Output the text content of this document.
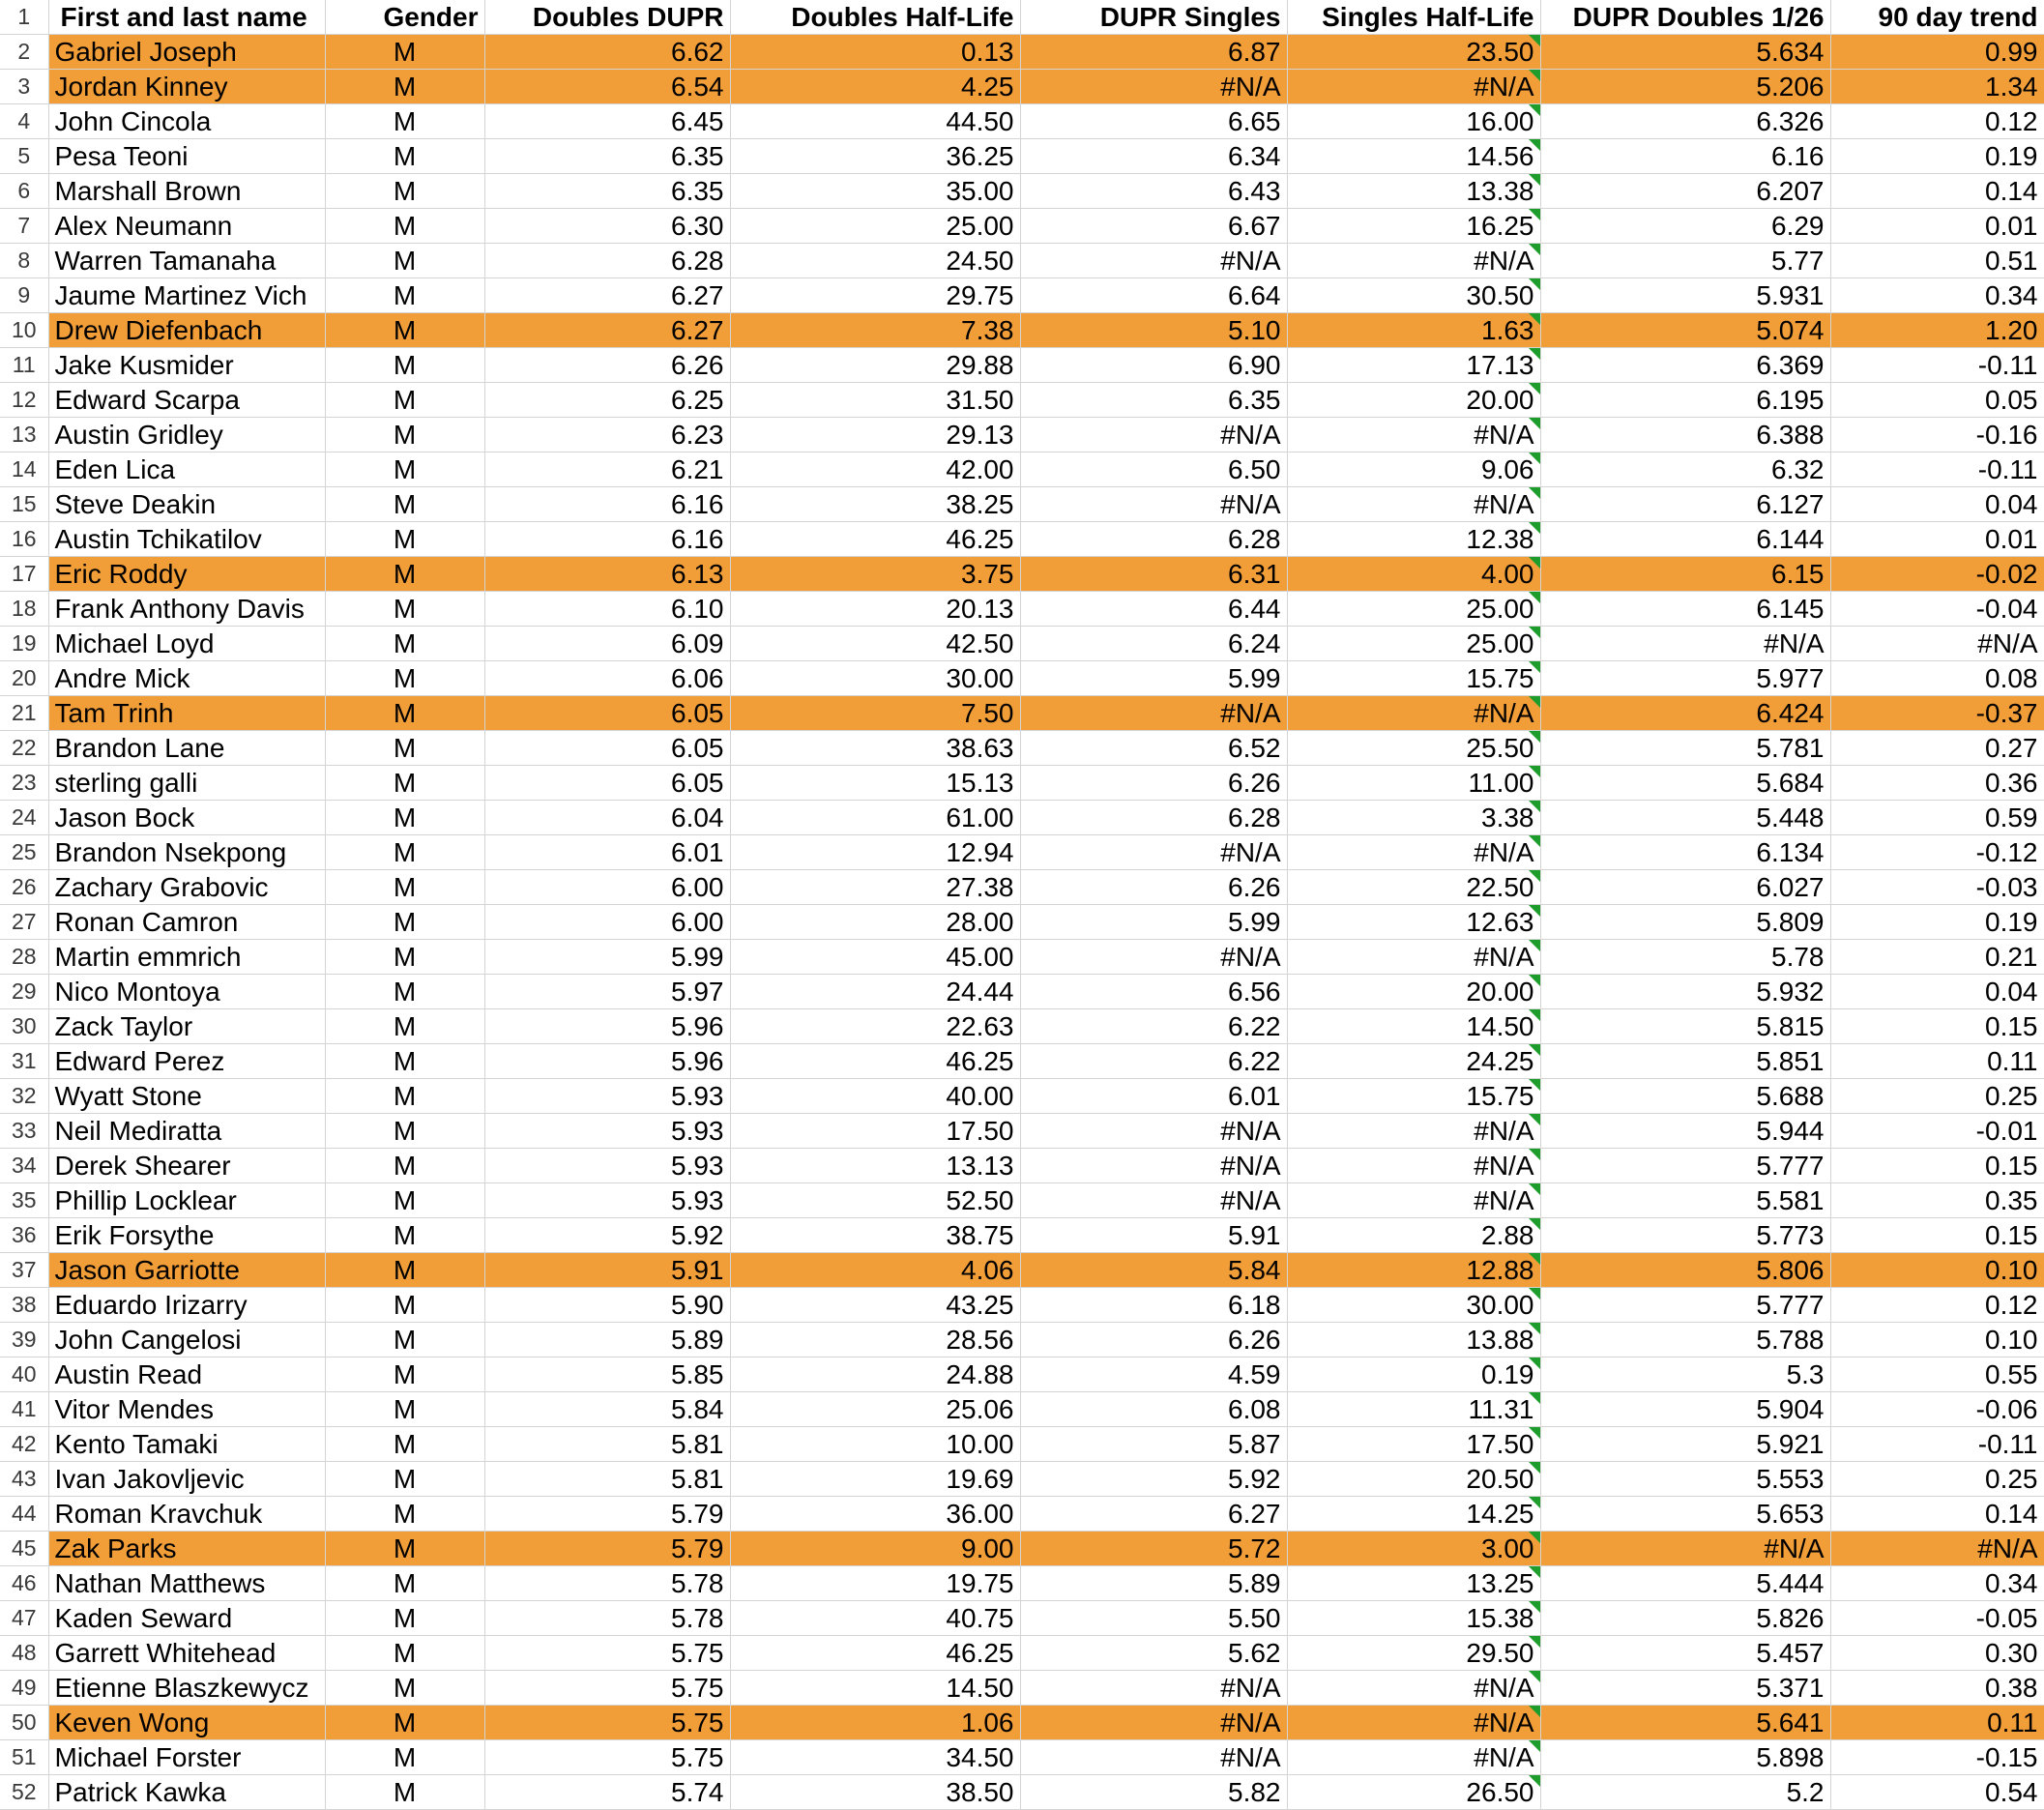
1	First and last name	Gender	Doubles DUPR	Doubles Half-Life	DUPR Singles	Singles Half-Life	DUPR Doubles 1/26	90 day trend
2	Gabriel Joseph	M	6.62	0.13	6.87	23.50	5.634	0.99
3	Jordan Kinney	M	6.54	4.25	#N/A	#N/A	5.206	1.34
4	John Cincola	M	6.45	44.50	6.65	16.00	6.326	0.12
5	Pesa Teoni	M	6.35	36.25	6.34	14.56	6.16	0.19
6	Marshall Brown	M	6.35	35.00	6.43	13.38	6.207	0.14
7	Alex Neumann	M	6.30	25.00	6.67	16.25	6.29	0.01
8	Warren Tamanaha	M	6.28	24.50	#N/A	#N/A	5.77	0.51
9	Jaume Martinez Vich	M	6.27	29.75	6.64	30.50	5.931	0.34
10	Drew Diefenbach	M	6.27	7.38	5.10	1.63	5.074	1.20
11	Jake Kusmider	M	6.26	29.88	6.90	17.13	6.369	-0.11
12	Edward Scarpa	M	6.25	31.50	6.35	20.00	6.195	0.05
13	Austin Gridley	M	6.23	29.13	#N/A	#N/A	6.388	-0.16
14	Eden Lica	M	6.21	42.00	6.50	9.06	6.32	-0.11
15	Steve Deakin	M	6.16	38.25	#N/A	#N/A	6.127	0.04
16	Austin Tchikatilov	M	6.16	46.25	6.28	12.38	6.144	0.01
17	Eric Roddy	M	6.13	3.75	6.31	4.00	6.15	-0.02
18	Frank Anthony Davis	M	6.10	20.13	6.44	25.00	6.145	-0.04
19	Michael Loyd	M	6.09	42.50	6.24	25.00	#N/A	#N/A
20	Andre Mick	M	6.06	30.00	5.99	15.75	5.977	0.08
21	Tam Trinh	M	6.05	7.50	#N/A	#N/A	6.424	-0.37
22	Brandon Lane	M	6.05	38.63	6.52	25.50	5.781	0.27
23	sterling galli	M	6.05	15.13	6.26	11.00	5.684	0.36
24	Jason Bock	M	6.04	61.00	6.28	3.38	5.448	0.59
25	Brandon Nsekpong	M	6.01	12.94	#N/A	#N/A	6.134	-0.12
26	Zachary Grabovic	M	6.00	27.38	6.26	22.50	6.027	-0.03
27	Ronan Camron	M	6.00	28.00	5.99	12.63	5.809	0.19
28	Martin emmrich	M	5.99	45.00	#N/A	#N/A	5.78	0.21
29	Nico Montoya	M	5.97	24.44	6.56	20.00	5.932	0.04
30	Zack Taylor	M	5.96	22.63	6.22	14.50	5.815	0.15
31	Edward Perez	M	5.96	46.25	6.22	24.25	5.851	0.11
32	Wyatt Stone	M	5.93	40.00	6.01	15.75	5.688	0.25
33	Neil Mediratta	M	5.93	17.50	#N/A	#N/A	5.944	-0.01
34	Derek Shearer	M	5.93	13.13	#N/A	#N/A	5.777	0.15
35	Phillip Locklear	M	5.93	52.50	#N/A	#N/A	5.581	0.35
36	Erik Forsythe	M	5.92	38.75	5.91	2.88	5.773	0.15
37	Jason Garriotte	M	5.91	4.06	5.84	12.88	5.806	0.10
38	Eduardo Irizarry	M	5.90	43.25	6.18	30.00	5.777	0.12
39	John Cangelosi	M	5.89	28.56	6.26	13.88	5.788	0.10
40	Austin Read	M	5.85	24.88	4.59	0.19	5.3	0.55
41	Vitor Mendes	M	5.84	25.06	6.08	11.31	5.904	-0.06
42	Kento Tamaki	M	5.81	10.00	5.87	17.50	5.921	-0.11
43	Ivan Jakovljevic	M	5.81	19.69	5.92	20.50	5.553	0.25
44	Roman Kravchuk	M	5.79	36.00	6.27	14.25	5.653	0.14
45	Zak Parks	M	5.79	9.00	5.72	3.00	#N/A	#N/A
46	Nathan Matthews	M	5.78	19.75	5.89	13.25	5.444	0.34
47	Kaden Seward	M	5.78	40.75	5.50	15.38	5.826	-0.05
48	Garrett Whitehead	M	5.75	46.25	5.62	29.50	5.457	0.30
49	Etienne Blaszkewycz	M	5.75	14.50	#N/A	#N/A	5.371	0.38
50	Keven Wong	M	5.75	1.06	#N/A	#N/A	5.641	0.11
51	Michael Forster	M	5.75	34.50	#N/A	#N/A	5.898	-0.15
52	Patrick Kawka	M	5.74	38.50	5.82	26.50	5.2	0.54
